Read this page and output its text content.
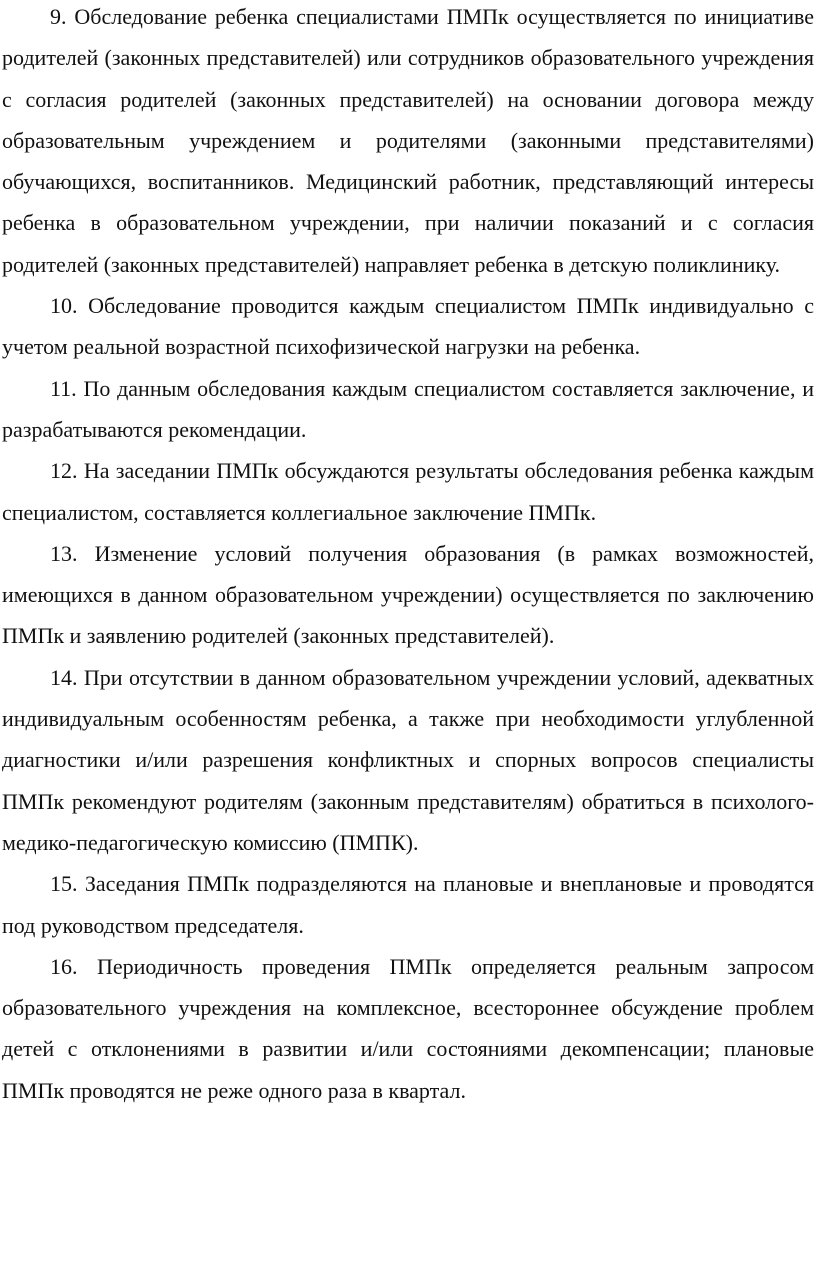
9. Обследование ребенка специалистами ПМПк осуществляется по инициативе родителей (законных представителей) или сотрудников образовательного учреждения с согласия родителей (законных представителей) на основании договора между образовательным учреждением и родителями (законными представителями) обучающихся, воспитанников. Медицинский работник, представляющий интересы ребенка в образовательном учреждении, при наличии показаний и с согласия родителей (законных представителей) направляет ребенка в детскую поликлинику.

10. Обследование проводится каждым специалистом ПМПк индивидуально с учетом реальной возрастной психофизической нагрузки на ребенка.

11. По данным обследования каждым специалистом составляется заключение, и разрабатываются рекомендации.

12. На заседании ПМПк обсуждаются результаты обследования ребенка каждым специалистом, составляется коллегиальное заключение ПМПк.

13. Изменение условий получения образования (в рамках возможностей, имеющихся в данном образовательном учреждении) осуществляется по заключению ПМПк и заявлению родителей (законных представителей).

14. При отсутствии в данном образовательном учреждении условий, адекватных индивидуальным особенностям ребенка, а также при необходимости углубленной диагностики и/или разрешения конфликтных и спорных вопросов специалисты ПМПк рекомендуют родителям (законным представителям) обратиться в психолого-медико-педагогическую комиссию (ПМПК).

15. Заседания ПМПк подразделяются на плановые и внеплановые и проводятся под руководством председателя.

16. Периодичность проведения ПМПк определяется реальным запросом образовательного учреждения на комплексное, всестороннее обсуждение проблем детей с отклонениями в развитии и/или состояниями декомпенсации; плановые ПМПк проводятся не реже одного раза в квартал.
